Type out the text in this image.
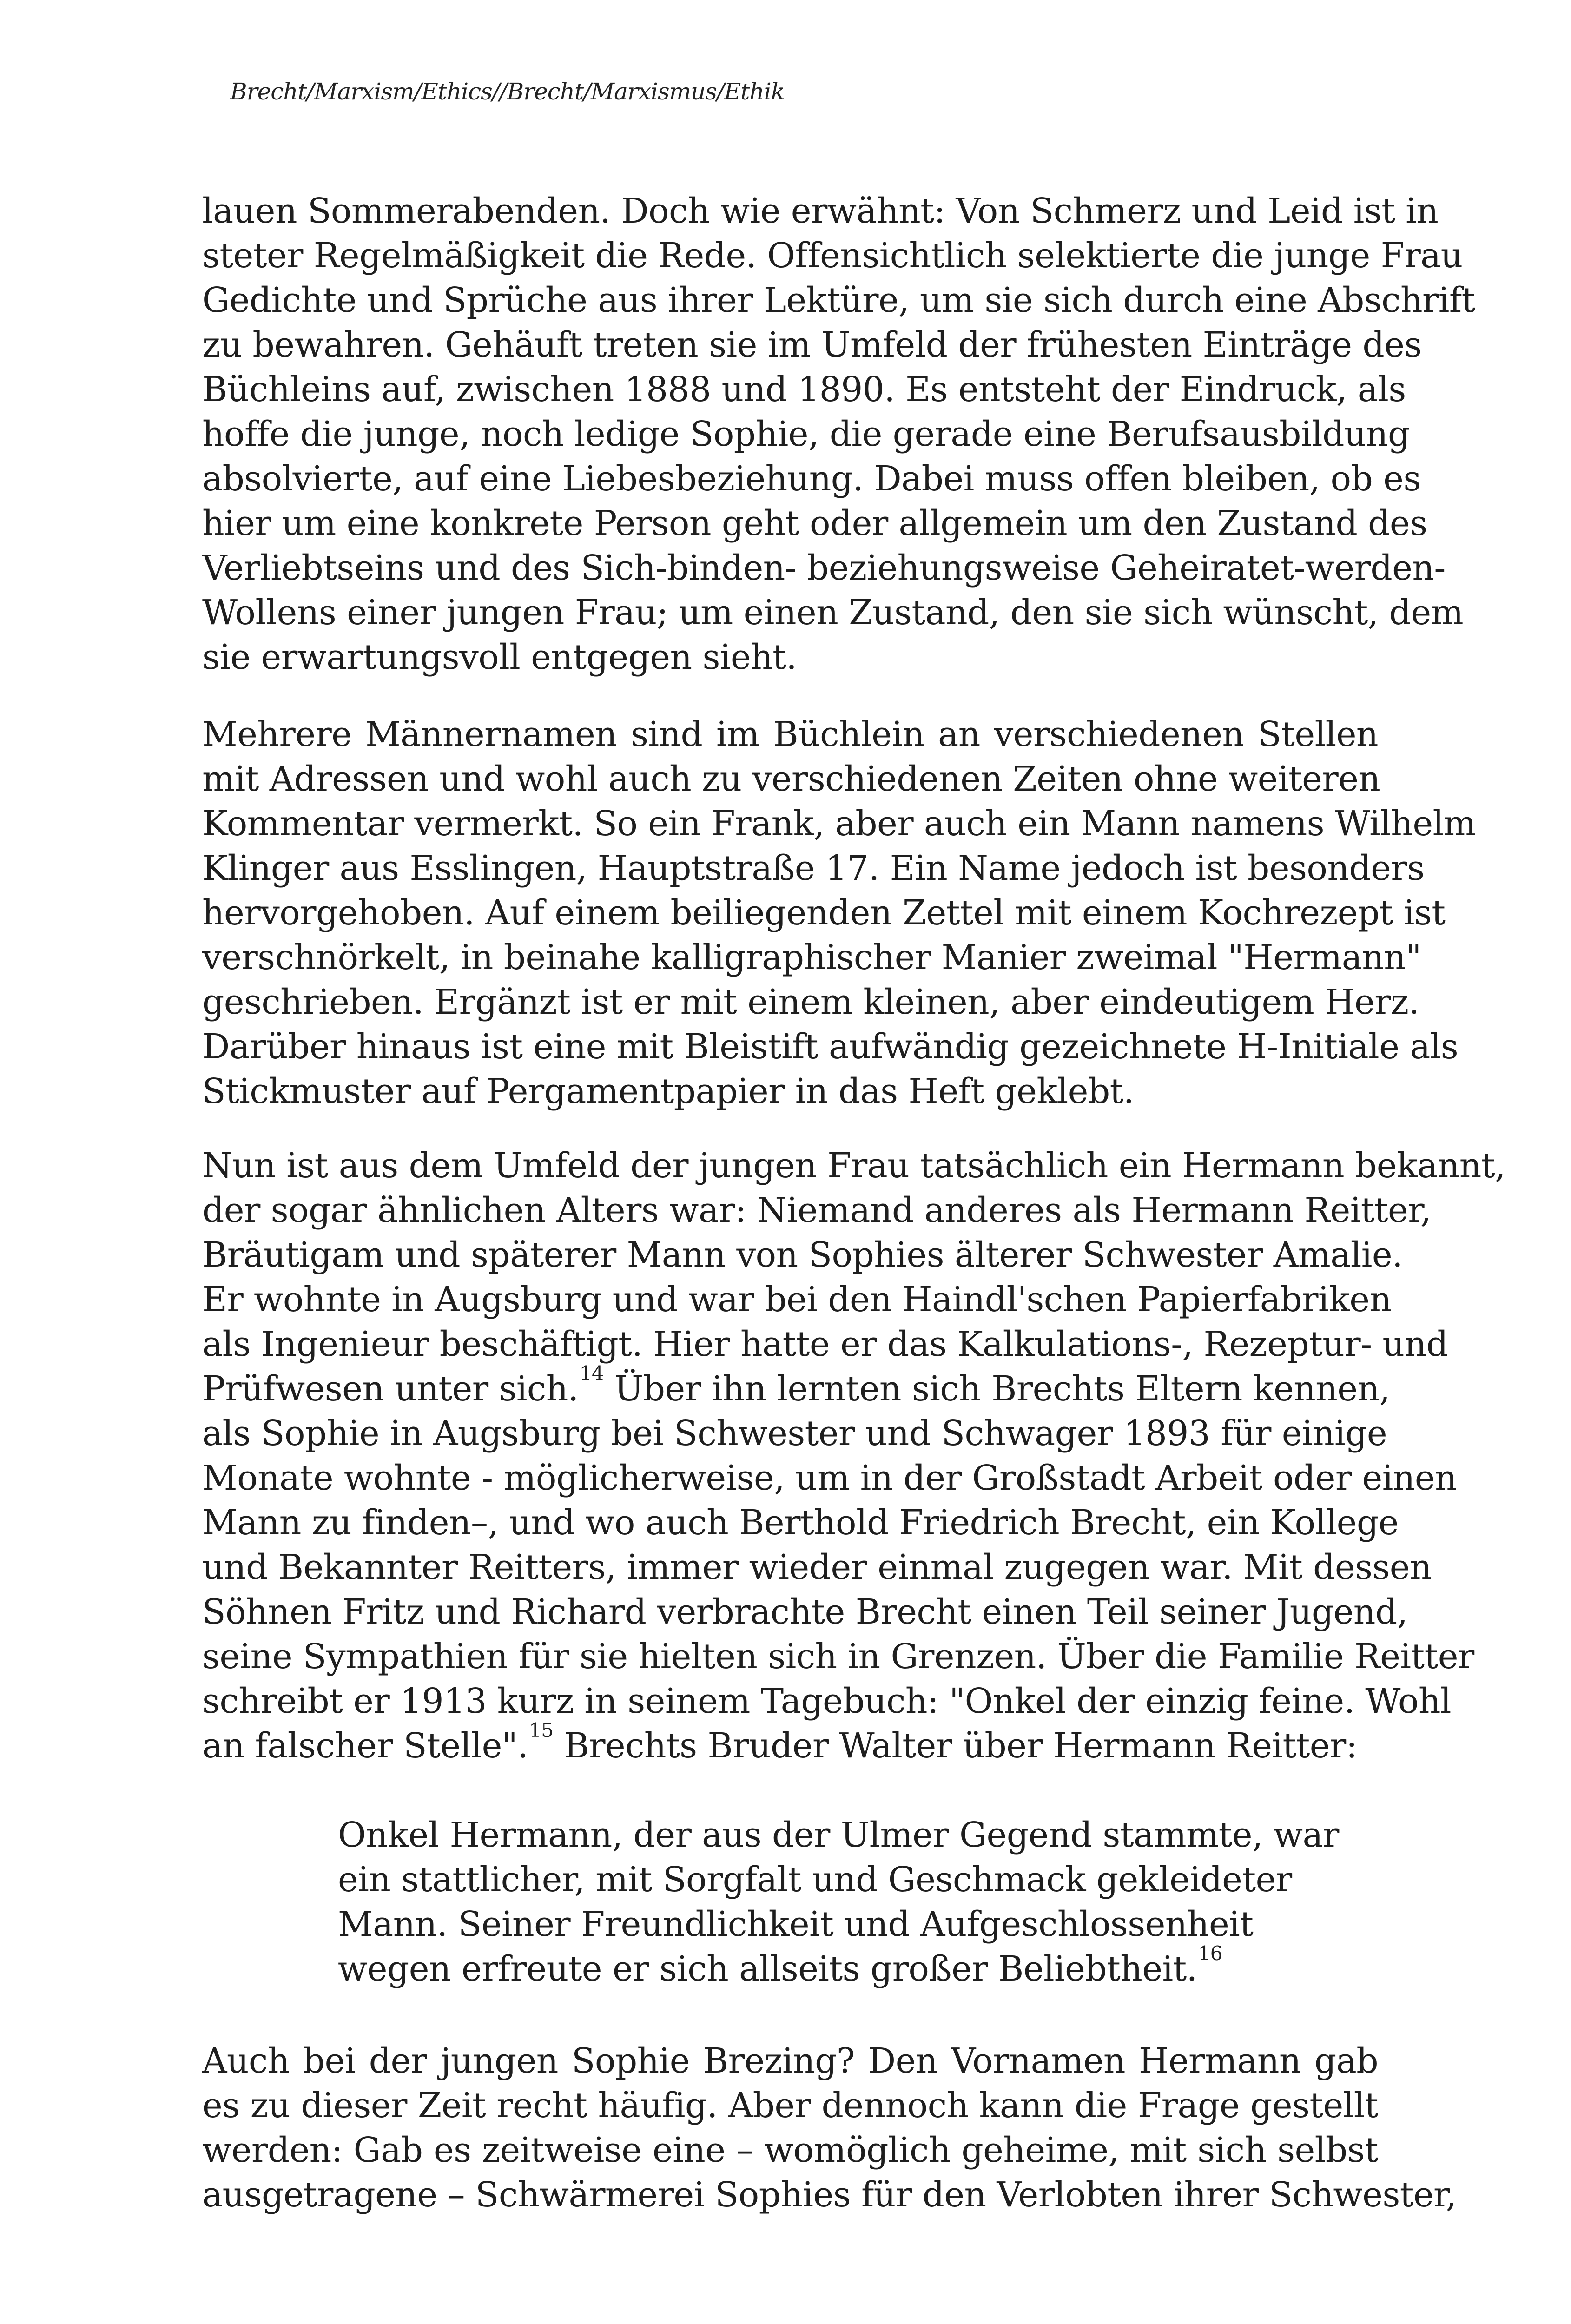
Brecht/Marxism/Ethics//Brecht/Marxismus/Ethik
lauen Sommerabenden. Doch wie erwähnt: Von Schmerz und Leid ist in
steter Regelmäßigkeit die Rede. Offensichtlich selektierte die junge Frau
Gedichte und Sprüche aus ihrer Lektüre, um sie sich durch eine Abschrift
zu bewahren. Gehäuft treten sie im Umfeld der frühesten Einträge des
Büchleins auf, zwischen 1888 und 1890. Es entsteht der Eindruck, als
hoffe die junge, noch ledige Sophie, die gerade eine Berufsausbildung
absolvierte, auf eine Liebesbeziehung. Dabei muss offen bleiben, ob es
hier um eine konkrete Person geht oder allgemein um den Zustand des
Verliebtseins und des Sich-binden- beziehungsweise Geheiratet-werden-
Wollens einer jungen Frau; um einen Zustand, den sie sich wünscht, dem
sie erwartungsvoll entgegen sieht.
Mehrere Männernamen sind im Büchlein an verschiedenen Stellen
mit Adressen und wohl auch zu verschiedenen Zeiten ohne weiteren
Kommentar vermerkt. So ein Frank, aber auch ein Mann namens Wilhelm
Klinger aus Esslingen, Hauptstraße 17. Ein Name jedoch ist besonders
hervorgehoben. Auf einem beiliegenden Zettel mit einem Kochrezept ist
verschnörkelt, in beinahe kalligraphischer Manier zweimal "Hermann"
geschrieben. Ergänzt ist er mit einem kleinen, aber eindeutigem Herz.
Darüber hinaus ist eine mit Bleistift aufwändig gezeichnete H-Initiale als
Stickmuster auf Pergamentpapier in das Heft geklebt.
Nun ist aus dem Umfeld der jungen Frau tatsächlich ein Hermann bekannt,
der sogar ähnlichen Alters war: Niemand anderes als Hermann Reitter,
Bräutigam und späterer Mann von Sophies älterer Schwester Amalie.
Er wohnte in Augsburg und war bei den Haindl'schen Papierfabriken
als Ingenieur beschäftigt. Hier hatte er das Kalkulations-, Rezeptur- und
Prüfwesen unter sich.14 Über ihn lernten sich Brechts Eltern kennen,
als Sophie in Augsburg bei Schwester und Schwager 1893 für einige
Monate wohnte - möglicherweise, um in der Großstadt Arbeit oder einen
Mann zu finden–, und wo auch Berthold Friedrich Brecht, ein Kollege
und Bekannter Reitters, immer wieder einmal zugegen war. Mit dessen
Söhnen Fritz und Richard verbrachte Brecht einen Teil seiner Jugend,
seine Sympathien für sie hielten sich in Grenzen. Über die Familie Reitter
schreibt er 1913 kurz in seinem Tagebuch: "Onkel der einzig feine. Wohl
an falscher Stelle".15 Brechts Bruder Walter über Hermann Reitter:
Onkel Hermann, der aus der Ulmer Gegend stammte, war
ein stattlicher, mit Sorgfalt und Geschmack gekleideter
Mann. Seiner Freundlichkeit und Aufgeschlossenheit
wegen erfreute er sich allseits großer Beliebtheit.16
Auch bei der jungen Sophie Brezing? Den Vornamen Hermann gab
es zu dieser Zeit recht häufig. Aber dennoch kann die Frage gestellt
werden: Gab es zeitweise eine – womöglich geheime, mit sich selbst
ausgetragene – Schwärmerei Sophies für den Verlobten ihrer Schwester,
